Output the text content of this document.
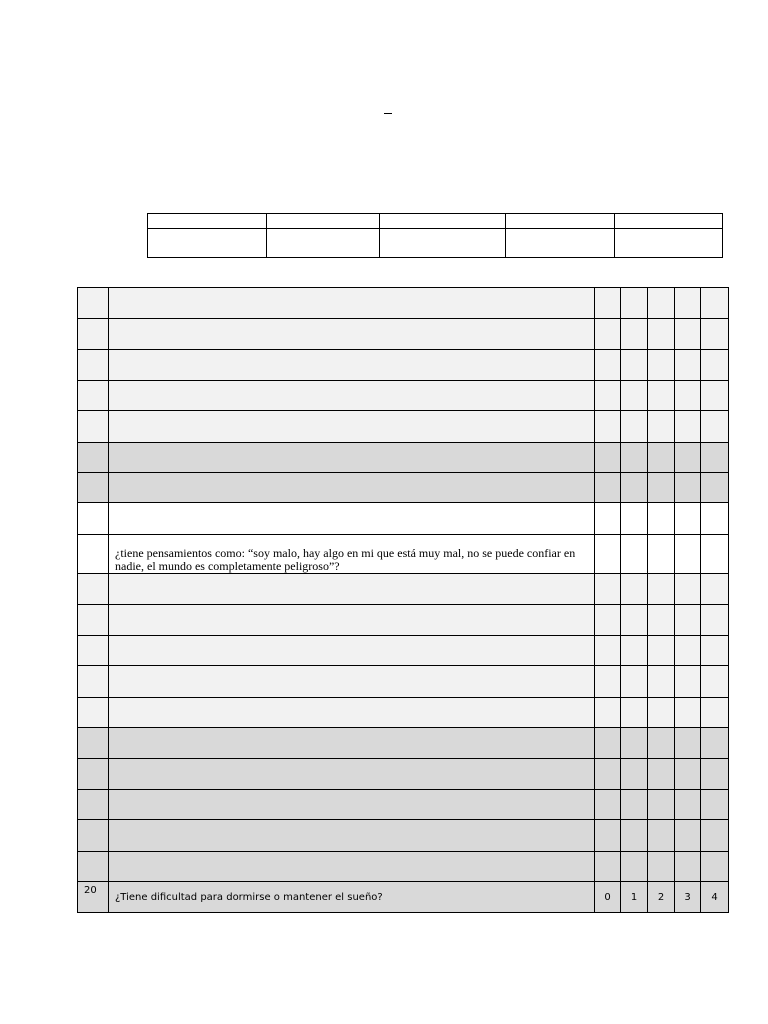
	¿tiene pensamientos como: “soy malo, hay algo en mi que está muy mal, no se puede confiar en nadie, el mundo es completamente peligroso”?					

20	¿Tiene dificultad para dormirse o mantener el sueño?	0	1	2	3	4
